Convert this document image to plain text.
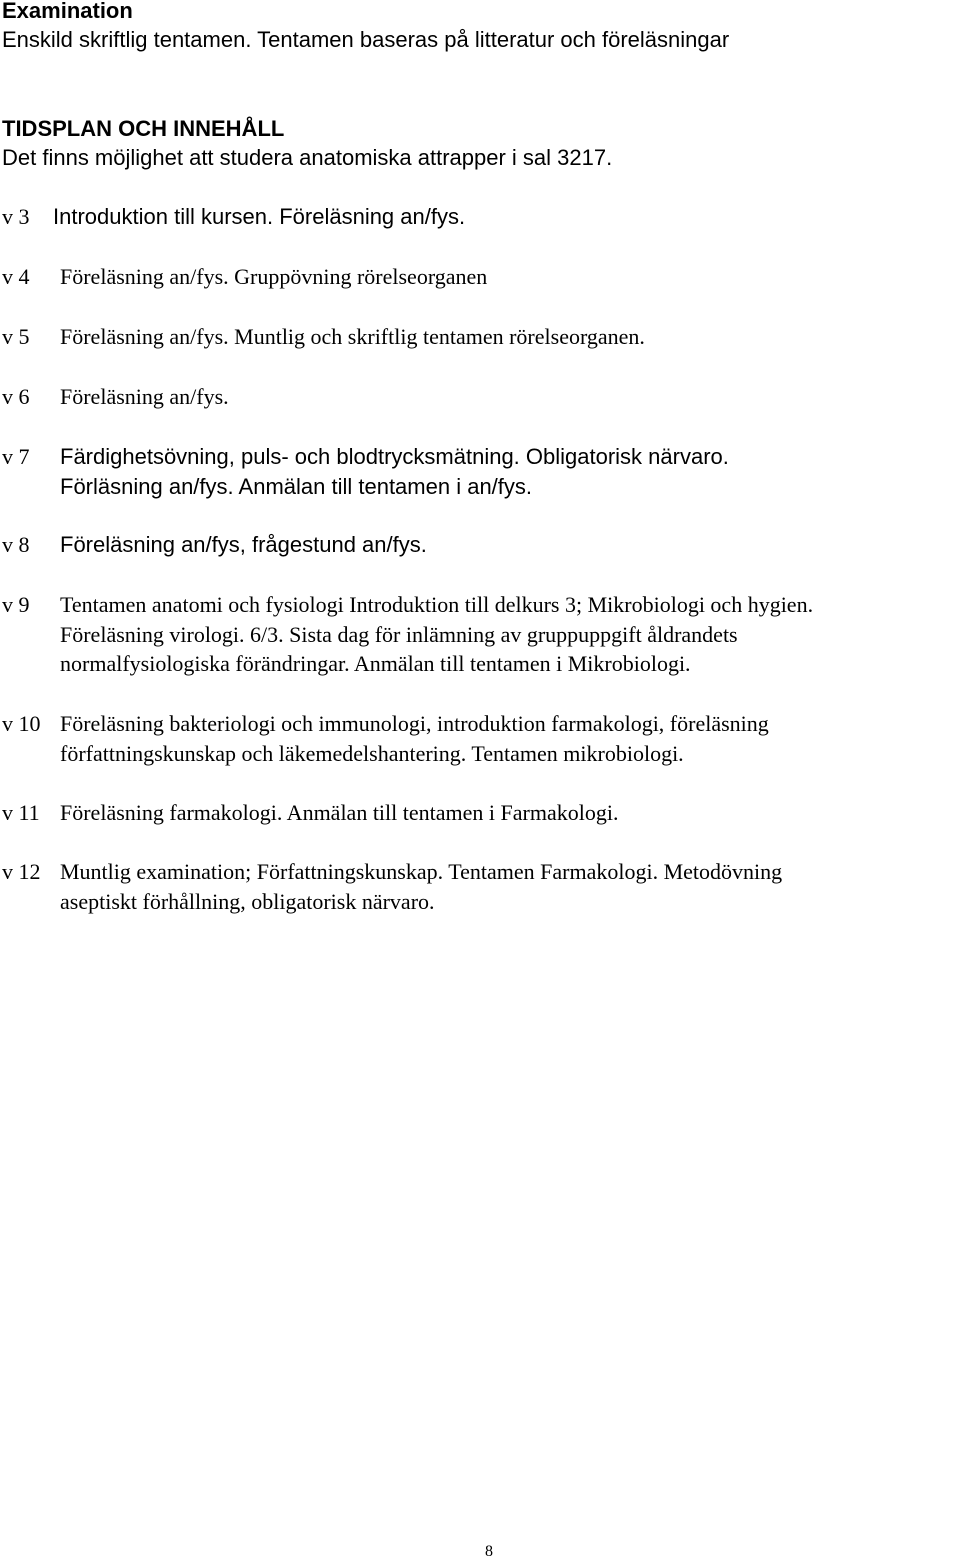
Examination
Enskild skriftlig tentamen. Tentamen baseras på litteratur och föreläsningar
TIDSPLAN OCH INNEHÅLL
Det finns möjlighet att studera anatomiska attrapper i sal 3217.
v 3 Introduktion till kursen. Föreläsning an/fys.
v 4 Föreläsning an/fys. Gruppövning rörelseorganen
v 5 Föreläsning an/fys. Muntlig och skriftlig tentamen rörelseorganen.
v 6 Föreläsning an/fys.
v 7 Färdighetsövning, puls- och blodtrycksmätning. Obligatorisk närvaro.
Förläsning an/fys. Anmälan till tentamen i an/fys.
v 8 Föreläsning an/fys, frågestund an/fys.
v 9 Tentamen anatomi och fysiologi Introduktion till delkurs 3; Mikrobiologi och hygien.
Föreläsning virologi. 6/3. Sista dag för inlämning av gruppuppgift åldrandets
normalfysiologiska förändringar. Anmälan till tentamen i Mikrobiologi.
v 10 Föreläsning bakteriologi och immunologi, introduktion farmakologi, föreläsning
författningskunskap och läkemedelshantering. Tentamen mikrobiologi.
v 11 Föreläsning farmakologi. Anmälan till tentamen i Farmakologi.
v 12 Muntlig examination; Författningskunskap. Tentamen Farmakologi. Metodövning
aseptiskt förhållning, obligatorisk närvaro.
8
